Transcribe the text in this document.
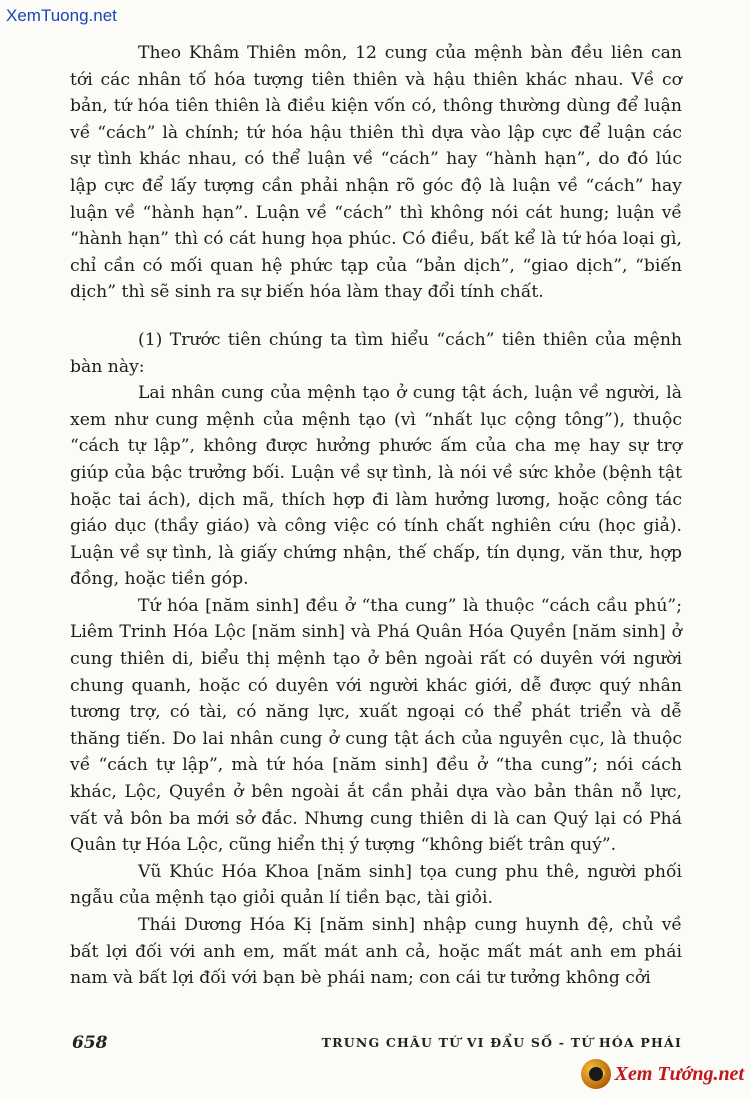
XemTuong.net

Theo Khâm Thiên môn, 12 cung của mệnh bàn đều liên can tới các nhân tố hóa tượng tiên thiên và hậu thiên khác nhau. Về cơ bản, tứ hóa tiên thiên là điều kiện vốn có, thông thường dùng để luận về “cách” là chính; tứ hóa hậu thiên thì dựa vào lập cực để luận các sự tình khác nhau, có thể luận về “cách” hay “hành hạn”, do đó lúc lập cực để lấy tượng cần phải nhận rõ góc độ là luận về “cách” hay luận về “hành hạn”. Luận về “cách” thì không nói cát hung; luận về “hành hạn” thì có cát hung họa phúc. Có điều, bất kể là tứ hóa loại gì, chỉ cần có mối quan hệ phức tạp của “bản dịch”, “giao dịch”, “biến dịch” thì sẽ sinh ra sự biến hóa làm thay đổi tính chất.

(1) Trước tiên chúng ta tìm hiểu “cách” tiên thiên của mệnh bàn này:

Lai nhân cung của mệnh tạo ở cung tật ách, luận về người, là xem như cung mệnh của mệnh tạo (vì “nhất lục cộng tông”), thuộc “cách tự lập”, không được hưởng phước ấm của cha mẹ hay sự trợ giúp của bậc trưởng bối. Luận về sự tình, là nói về sức khỏe (bệnh tật hoặc tai ách), dịch mã, thích hợp đi làm hưởng lương, hoặc công tác giáo dục (thầy giáo) và công việc có tính chất nghiên cứu (học giả). Luận về sự tình, là giấy chứng nhận, thế chấp, tín dụng, văn thư, hợp đồng, hoặc tiền góp.

Tứ hóa [năm sinh] đều ở “tha cung” là thuộc “cách cầu phú”; Liêm Trinh Hóa Lộc [năm sinh] và Phá Quân Hóa Quyền [năm sinh] ở cung thiên di, biểu thị mệnh tạo ở bên ngoài rất có duyên với người chung quanh, hoặc có duyên với người khác giới, dễ được quý nhân tương trợ, có tài, có năng lực, xuất ngoại có thể phát triển và dễ thăng tiến. Do lai nhân cung ở cung tật ách của nguyên cục, là thuộc về “cách tự lập”, mà tứ hóa [năm sinh] đều ở “tha cung”; nói cách khác, Lộc, Quyền ở bên ngoài ắt cần phải dựa vào bản thân nỗ lực, vất vả bôn ba mới sở đắc. Nhưng cung thiên di là can Quý lại có Phá Quân tự Hóa Lộc, cũng hiển thị ý tượng “không biết trân quý”.

Vũ Khúc Hóa Khoa [năm sinh] tọa cung phu thê, người phối ngẫu của mệnh tạo giỏi quản lí tiền bạc, tài giỏi.

Thái Dương Hóa Kị [năm sinh] nhập cung huynh đệ, chủ về bất lợi đối với anh em, mất mát anh cả, hoặc mất mát anh em phái nam và bất lợi đối với bạn bè phái nam; con cái tư tưởng không cởi

658	TRUNG CHÂU TỨ VI ĐẨU SỐ - TỨ HÓA PHÁI
Xem Tướng.net
